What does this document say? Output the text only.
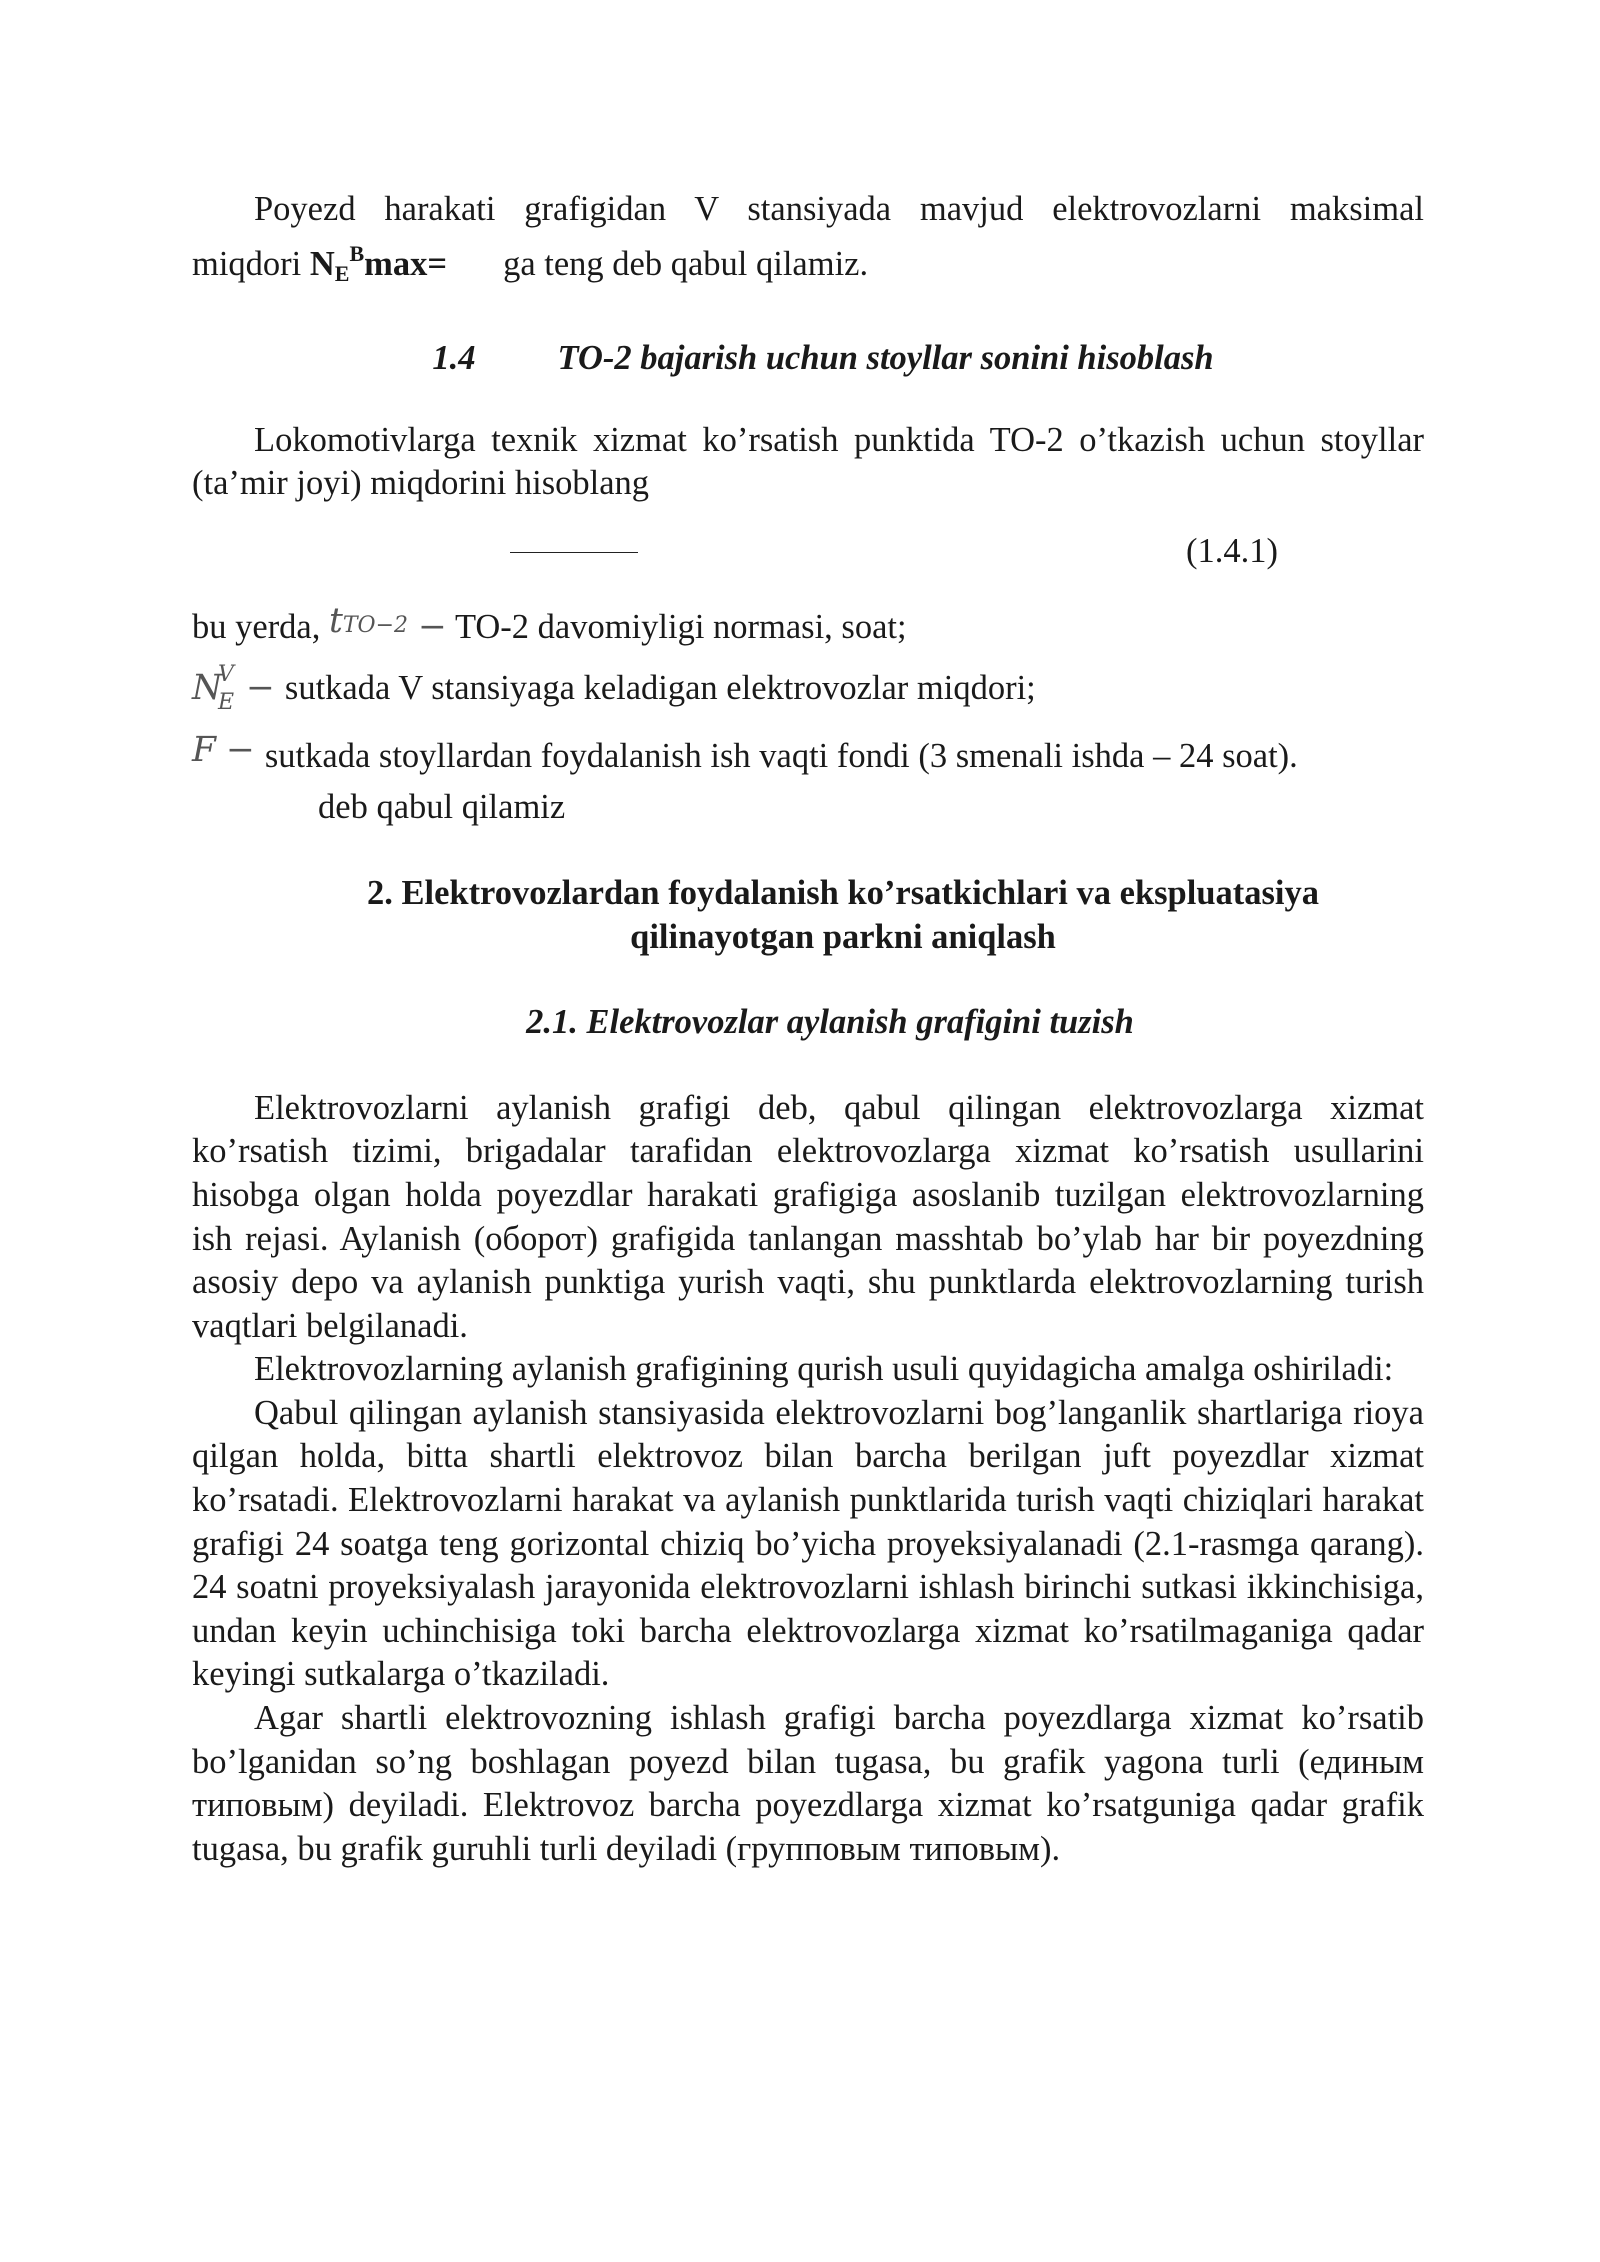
Poyezd harakati grafigidan V stansiyada mavjud elektrovozlarni maksimal

miqdori $N_E^B\max=$ ga teng deb qabul qilamiz.

1.4 TO-2 bajarish uchun stoyllar sonini hisoblash

Lokomotivlarga texnik xizmat ko’rsatish punktida TO-2 o’tkazish uchun stoyllar (ta’mir joyi) miqdorini hisoblang

(1.4.1)
bu yerda, tTO−2 − TO-2 davomiyligi normasi, soat;
N
V
E − sutkada V stansiyaga keladigan elektrovozlar miqdori;
F − sutkada stoyllardan foydalanish ish vaqti fondi (3 smenali ishda – 24 soat).

deb qabul qilamiz

2. Elektrovozlardan foydalanish ko’rsatkichlari va ekspluatasiya
qilinayotgan parkni aniqlash

2.1. Elektrovozlar aylanish grafigini tuzish

Elektrovozlarni aylanish grafigi deb, qabul qilingan elektrovozlarga xizmat ko’rsatish tizimi, brigadalar tarafidan elektrovozlarga xizmat ko’rsatish usullarini hisobga olgan holda poyezdlar harakati grafigiga asoslanib tuzilgan elektrovozlarning ish rejasi. Aylanish (оборот) grafigida tanlangan masshtab bo’ylab har bir poyezdning asosiy depo va aylanish punktiga yurish vaqti, shu punktlarda elektrovozlarning turish vaqtlari belgilanadi.

Elektrovozlarning aylanish grafigining qurish usuli quyidagicha amalga oshiriladi:

Qabul qilingan aylanish stansiyasida elektrovozlarni bog’langanlik shartlariga rioya qilgan holda, bitta shartli elektrovoz bilan barcha berilgan juft poyezdlar xizmat ko’rsatadi. Elektrovozlarni harakat va aylanish punktlarida turish vaqti chiziqlari harakat grafigi 24 soatga teng gorizontal chiziq bo’yicha proyeksiyalanadi (2.1-rasmga qarang). 24 soatni proyeksiyalash jarayonida elektrovozlarni ishlash birinchi sutkasi ikkinchisiga, undan keyin uchinchisiga toki barcha elektrovozlarga xizmat ko’rsatilmaganiga qadar keyingi sutkalarga o’tkaziladi.

Agar shartli elektrovozning ishlash grafigi barcha poyezdlarga xizmat ko’rsatib bo’lganidan so’ng boshlagan poyezd bilan tugasa, bu grafik yagona turli (единым типовым) deyiladi. Elektrovoz barcha poyezdlarga xizmat ko’rsatguniga qadar grafik tugasa, bu grafik guruhli turli deyiladi (групповым типовым).
